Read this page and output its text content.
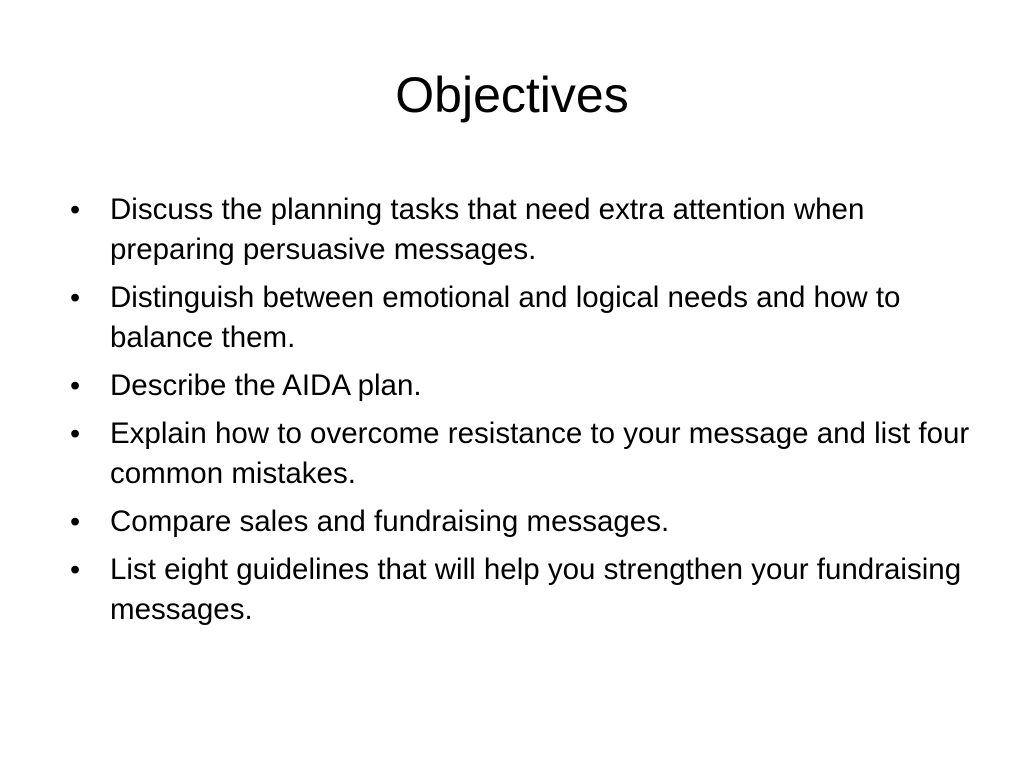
Objectives
•	Discuss the planning tasks that need extra attention when preparing persuasive messages.
•	Distinguish between emotional and logical needs and how to balance them.
•	Describe the AIDA plan.
•	Explain how to overcome resistance to your message and list four common mistakes.
•	Compare sales and fundraising messages.
•	List eight guidelines that will help you strengthen your fundraising messages.
